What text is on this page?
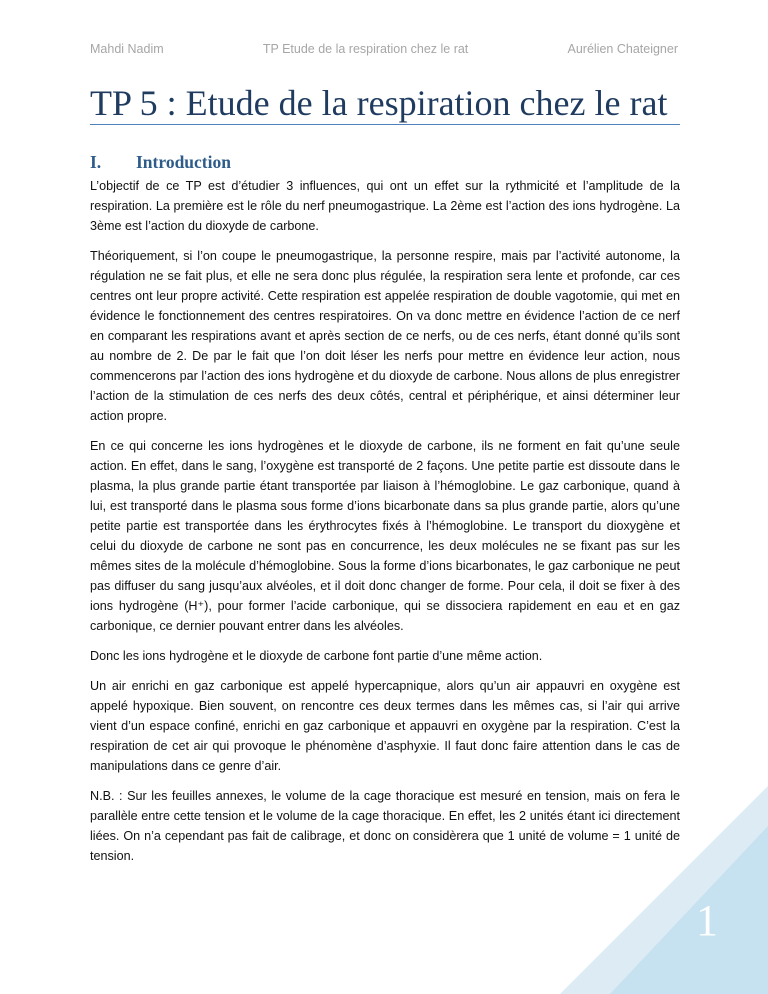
Mahdi Nadim	TP Etude de la respiration chez le rat	Aurélien Chateigner
TP 5 : Etude de la respiration chez le rat
I. Introduction

L’objectif de ce TP est d’étudier 3 influences, qui ont un effet sur la rythmicité et l’amplitude de la respiration. La première est le rôle du nerf pneumogastrique. La 2ème est l’action des ions hydrogène. La 3ème est l’action du dioxyde de carbone.

Théoriquement, si l’on coupe le pneumogastrique, la personne respire, mais par l’activité autonome, la régulation ne se fait plus, et elle ne sera donc plus régulée, la respiration sera lente et profonde, car ces centres ont leur propre activité. Cette respiration est appelée respiration de double vagotomie, qui met en évidence le fonctionnement des centres respiratoires. On va donc mettre en évidence l’action de ce nerf en comparant les respirations avant et après section de ce nerfs, ou de ces nerfs, étant donné qu’ils sont au nombre de 2. De par le fait que l’on doit léser les nerfs pour mettre en évidence leur action, nous commencerons par l’action des ions hydrogène et du dioxyde de carbone. Nous allons de plus enregistrer l’action de la stimulation de ces nerfs des deux côtés, central et périphérique, et ainsi déterminer leur action propre.

En ce qui concerne les ions hydrogènes et le dioxyde de carbone, ils ne forment en fait qu’une seule action. En effet, dans le sang, l’oxygène est transporté de 2 façons. Une petite partie est dissoute dans le plasma, la plus grande partie étant transportée par liaison à l’hémoglobine. Le gaz carbonique, quand à lui, est transporté dans le plasma sous forme d’ions bicarbonate dans sa plus grande partie, alors qu’une petite partie est transportée dans les érythrocytes fixés à l’hémoglobine. Le transport du dioxygène et celui du dioxyde de carbone ne sont pas en concurrence, les deux molécules ne se fixant pas sur les mêmes sites de la molécule d’hémoglobine. Sous la forme d’ions bicarbonates, le gaz carbonique ne peut pas diffuser du sang jusqu’aux alvéoles, et il doit donc changer de forme. Pour cela, il doit se fixer à des ions hydrogène (H⁺), pour former l’acide carbonique, qui se dissociera rapidement en eau et en gaz carbonique, ce dernier pouvant entrer dans les alvéoles.

Donc les ions hydrogène et le dioxyde de carbone font partie d’une même action.

Un air enrichi en gaz carbonique est appelé hypercapnique, alors qu’un air appauvri en oxygène est appelé hypoxique. Bien souvent, on rencontre ces deux termes dans les mêmes cas, si l’air qui arrive vient d’un espace confiné, enrichi en gaz carbonique et appauvri en oxygène par la respiration. C’est la respiration de cet air qui provoque le phénomène d’asphyxie. Il faut donc faire attention dans le cas de manipulations dans ce genre d’air.

N.B. : Sur les feuilles annexes, le volume de la cage thoracique est mesuré en tension, mais on fera le parallèle entre cette tension et le volume de la cage thoracique. En effet, les 2 unités étant ici directement liées. On n’a cependant pas fait de calibrage, et donc on considèrera que 1 unité de volume = 1 unité de tension.

1
